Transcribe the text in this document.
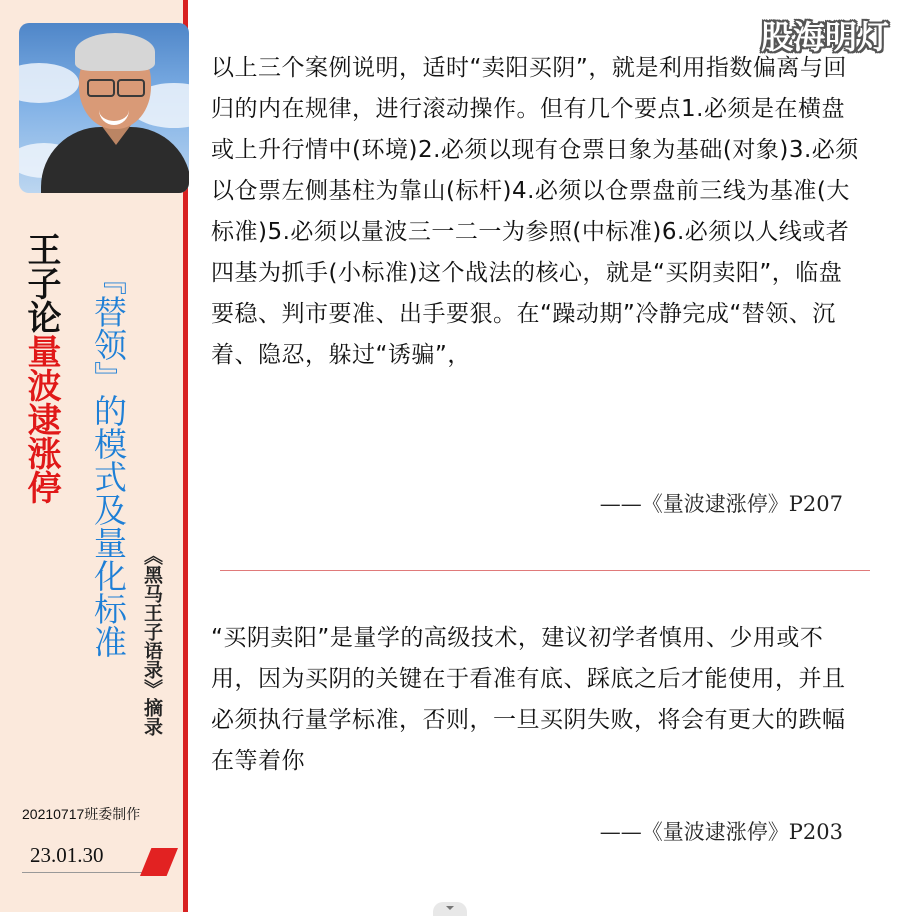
王子论量波逮涨停 『替领』的模式及量化标准 《黑马王子语录》摘录
20210717班委制作
23.01.30
股海明灯

以上三个案例说明，适时“卖阳买阴”，就是利用指数偏离与回归的内在规律，进行滚动操作。但有几个要点1.必须是在横盘或上升行情中(环境)2.必须以现有仓票日象为基础(对象)3.必须以仓票左侧基柱为靠山(标杆)4.必须以仓票盘前三线为基准(大标准)5.必须以量波三一二一为参照(中标准)6.必须以人线或者四基为抓手(小标准)这个战法的核心，就是“买阴卖阳”，临盘要稳、判市要准、出手要狠。在“躁动期”冷静完成“替领、沉着、隐忍，躲过“诱骗”，

——《量波逮涨停》P207

“买阴卖阳”是量学的高级技术，建议初学者慎用、少用或不用，因为买阴的关键在于看准有底、踩底之后才能使用，并且必须执行量学标准，否则，一旦买阴失败，将会有更大的跌幅在等着你

——《量波逮涨停》P203
